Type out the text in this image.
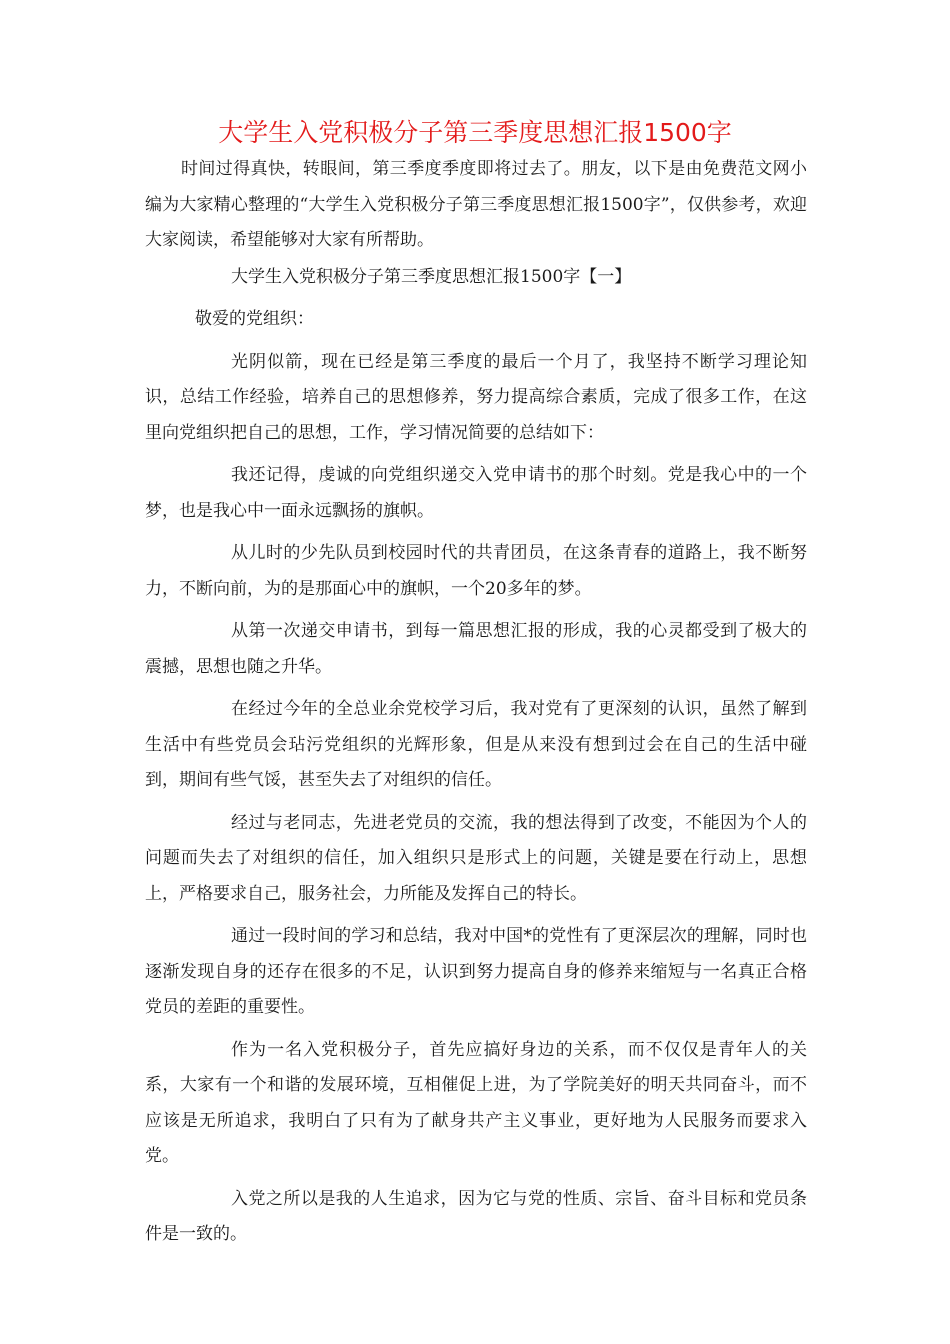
大学生入党积极分子第三季度思想汇报1500字

时间过得真快，转眼间，第三季度季度即将过去了。朋友，以下是由免费范文网小编为大家精心整理的“大学生入党积极分子第三季度思想汇报1500字”，仅供参考，欢迎大家阅读，希望能够对大家有所帮助。

大学生入党积极分子第三季度思想汇报1500字【一】

敬爱的党组织：

光阴似箭，现在已经是第三季度的最后一个月了，我坚持不断学习理论知识，总结工作经验，培养自己的思想修养，努力提高综合素质，完成了很多工作，在这里向党组织把自己的思想，工作，学习情况简要的总结如下：

我还记得，虔诚的向党组织递交入党申请书的那个时刻。党是我心中的一个梦，也是我心中一面永远飘扬的旗帜。

从儿时的少先队员到校园时代的共青团员，在这条青春的道路上，我不断努力，不断向前，为的是那面心中的旗帜，一个20多年的梦。

从第一次递交申请书，到每一篇思想汇报的形成，我的心灵都受到了极大的震撼，思想也随之升华。

在经过今年的全总业余党校学习后，我对党有了更深刻的认识，虽然了解到生活中有些党员会玷污党组织的光辉形象，但是从来没有想到过会在自己的生活中碰到，期间有些气馁，甚至失去了对组织的信任。

经过与老同志，先进老党员的交流，我的想法得到了改变，不能因为个人的问题而失去了对组织的信任，加入组织只是形式上的问题，关键是要在行动上，思想上，严格要求自己，服务社会，力所能及发挥自己的特长。

通过一段时间的学习和总结，我对中国*的党性有了更深层次的理解，同时也逐渐发现自身的还存在很多的不足，认识到努力提高自身的修养来缩短与一名真正合格党员的差距的重要性。

作为一名入党积极分子，首先应搞好身边的关系，而不仅仅是青年人的关系，大家有一个和谐的发展环境，互相催促上进，为了学院美好的明天共同奋斗，而不应该是无所追求，我明白了只有为了献身共产主义事业，更好地为人民服务而要求入党。

入党之所以是我的人生追求，因为它与党的性质、宗旨、奋斗目标和党员条件是一致的。
